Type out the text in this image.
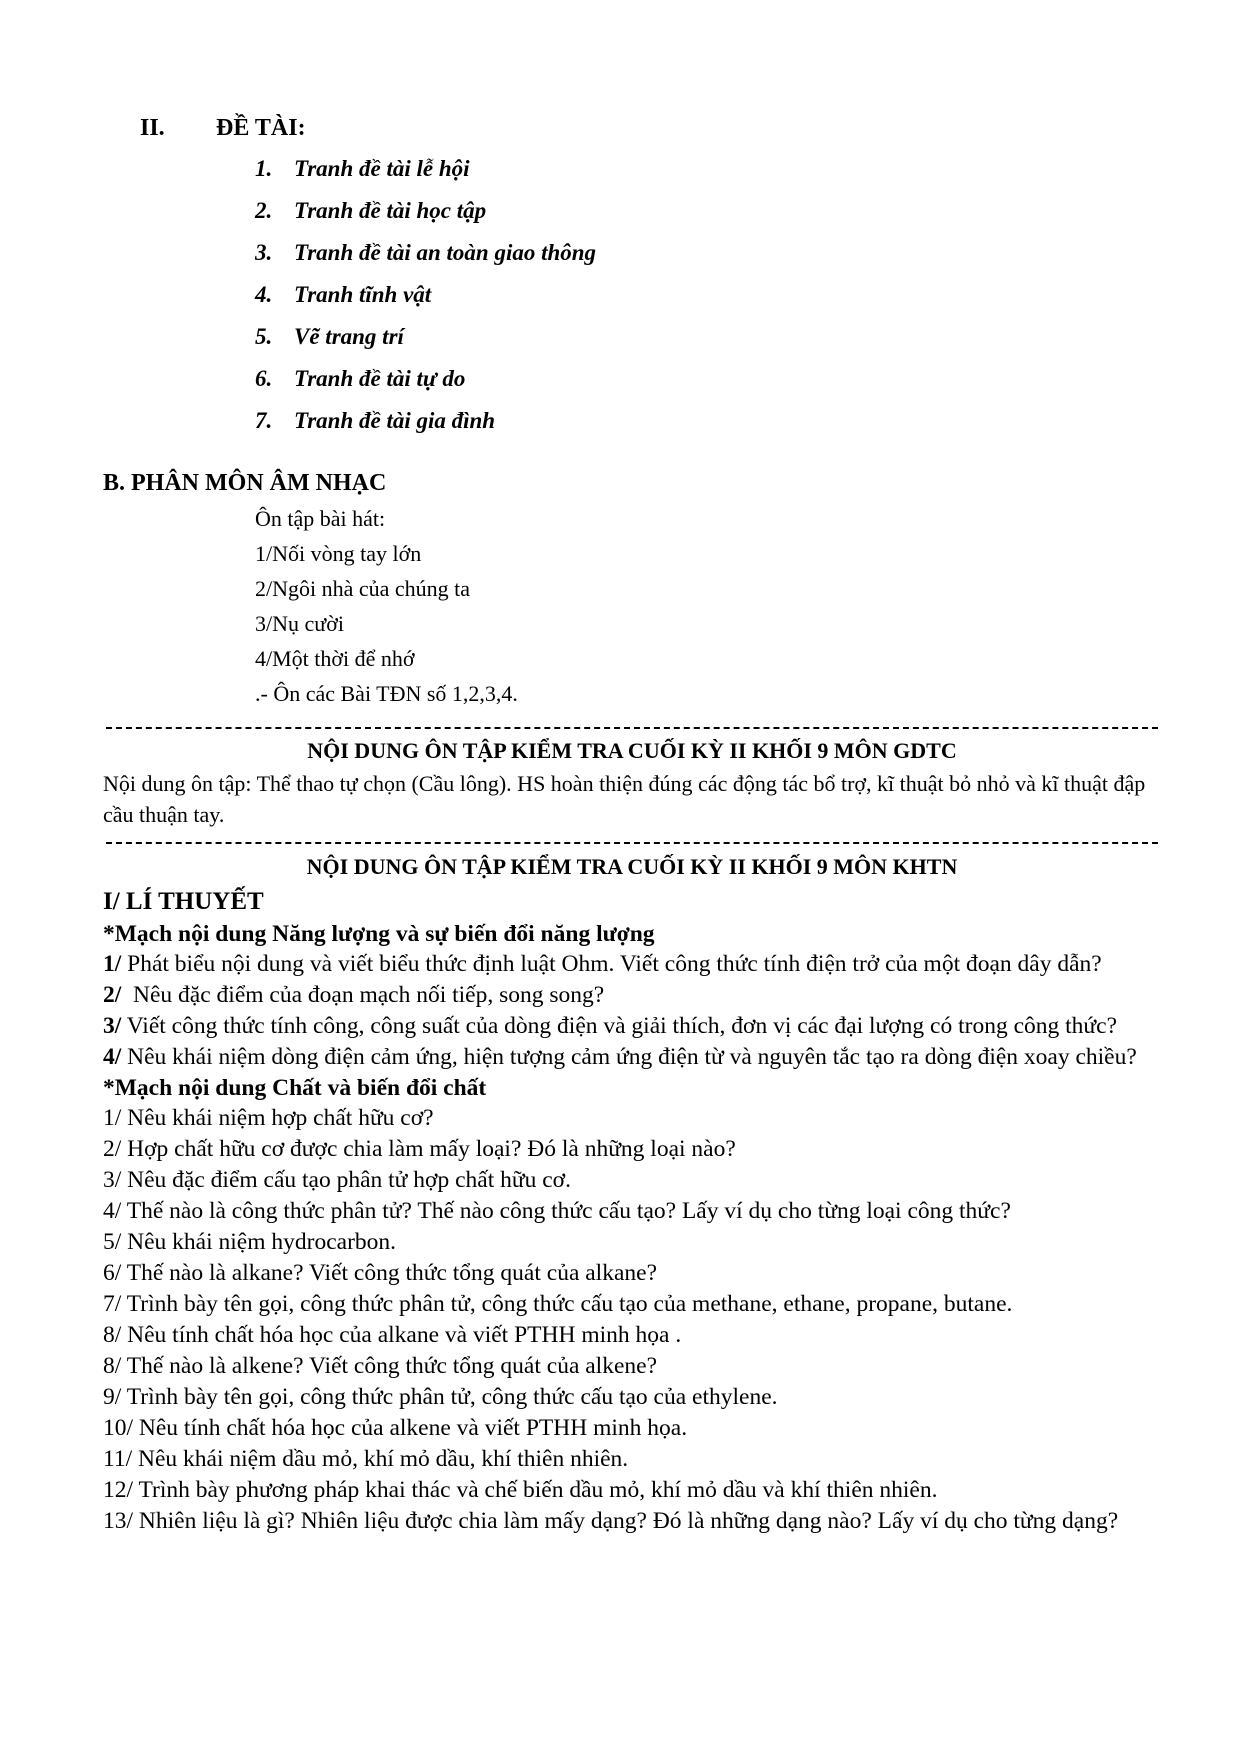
II. ĐỀ TÀI:
1. Tranh đề tài lễ hội
2. Tranh đề tài học tập
3. Tranh đề tài an toàn giao thông
4. Tranh tĩnh vật
5. Vẽ trang trí
6. Tranh đề tài tự do
7. Tranh đề tài gia đình
B. PHÂN MÔN ÂM NHẠC
Ôn tập bài hát:
1/Nối vòng tay lớn
2/Ngôi nhà của chúng ta
3/Nụ cười
4/Một thời để nhớ
.- Ôn các Bài TĐN số 1,2,3,4.
NỘI DUNG ÔN TẬP KIỂM TRA CUỐI KỲ II KHỐI 9 MÔN GDTC
Nội dung ôn tập: Thể thao tự chọn (Cầu lông). HS hoàn thiện đúng các động tác bổ trợ, kĩ thuật bỏ nhỏ và kĩ thuật đập cầu thuận tay.
NỘI DUNG ÔN TẬP KIỂM TRA CUỐI KỲ II KHỐI 9 MÔN KHTN
I/ LÍ THUYẾT
*Mạch nội dung Năng lượng và sự biến đổi năng lượng
1/ Phát biểu nội dung và viết biểu thức định luật Ohm. Viết công thức tính điện trở của một đoạn dây dẫn?
2/  Nêu đặc điểm của đoạn mạch nối tiếp, song song?
3/ Viết công thức tính công, công suất của dòng điện và giải thích, đơn vị các đại lượng có trong công thức?
4/ Nêu khái niệm dòng điện cảm ứng, hiện tượng cảm ứng điện từ và nguyên tắc tạo ra dòng điện xoay chiều?
*Mạch nội dung Chất và biến đổi chất
1/ Nêu khái niệm hợp chất hữu cơ?
2/ Hợp chất hữu cơ được chia làm mấy loại? Đó là những loại nào?
3/ Nêu đặc điểm cấu tạo phân tử hợp chất hữu cơ.
4/ Thế nào là công thức phân tử? Thế nào công thức cấu tạo? Lấy ví dụ cho từng loại công thức?
5/ Nêu khái niệm hydrocarbon.
6/ Thế nào là alkane? Viết công thức tổng quát của alkane?
7/ Trình bày tên gọi, công thức phân tử, công thức cấu tạo của methane, ethane, propane, butane.
8/ Nêu tính chất hóa học của alkane và viết PTHH minh họa .
8/ Thế nào là alkene? Viết công thức tổng quát của alkene?
9/ Trình bày tên gọi, công thức phân tử, công thức cấu tạo của ethylene.
10/ Nêu tính chất hóa học của alkene và viết PTHH minh họa.
11/ Nêu khái niệm dầu mỏ, khí mỏ dầu, khí thiên nhiên.
12/ Trình bày phương pháp khai thác và chế biến dầu mỏ, khí mỏ dầu và khí thiên nhiên.
13/ Nhiên liệu là gì? Nhiên liệu được chia làm mấy dạng? Đó là những dạng nào? Lấy ví dụ cho từng dạng?
